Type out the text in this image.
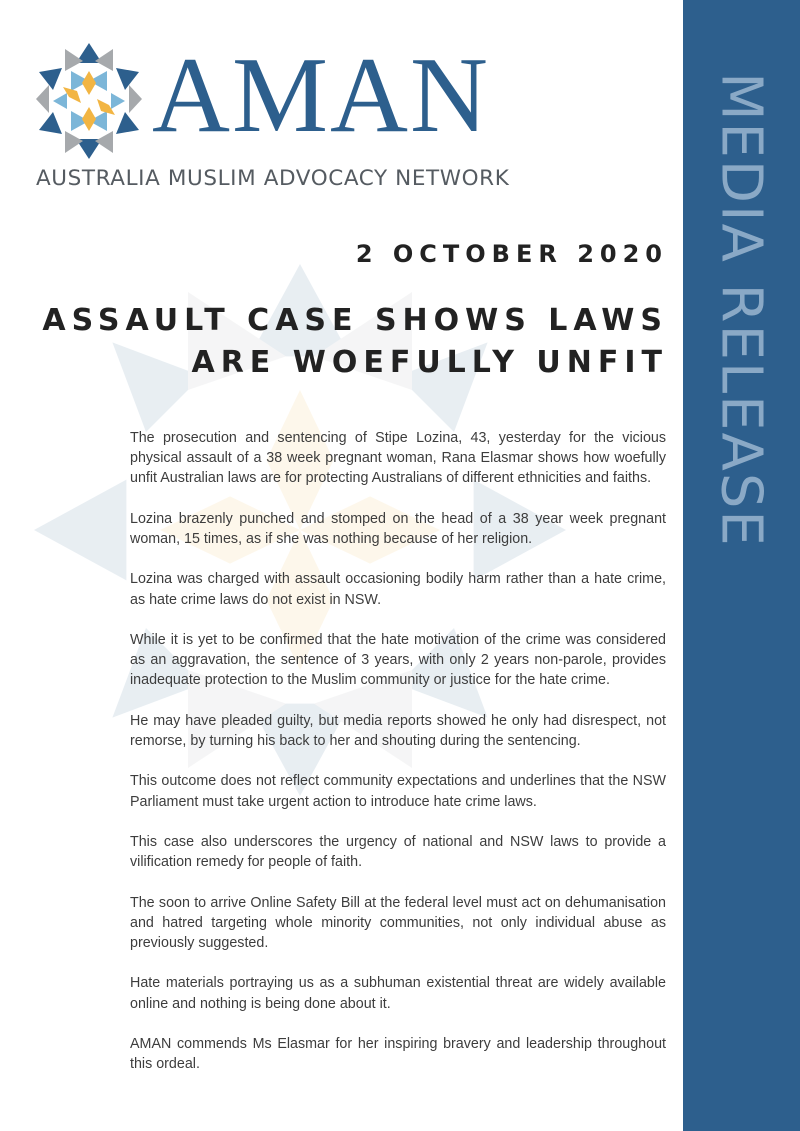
AMAN
AUSTRALIA MUSLIM ADVOCACY NETWORK	MEDIA RELEASE
2 OCTOBER 2020
ASSAULT CASE SHOWS LAWS
ARE WOEFULLY UNFIT

The prosecution and sentencing of Stipe Lozina, 43, yesterday for the vicious physical assault of a 38 week pregnant woman, Rana Elasmar shows how woefully unfit Australian laws are for protecting Australians of different ethnicities and faiths.

Lozina brazenly punched and stomped on the head of a 38 year week pregnant woman, 15 times, as if she was nothing because of her religion.

Lozina was charged with assault occasioning bodily harm rather than a hate crime, as hate crime laws do not exist in NSW.

While it is yet to be confirmed that the hate motivation of the crime was considered as an aggravation, the sentence of 3 years, with only 2 years non-parole, provides inadequate protection to the Muslim community or justice for the hate crime.

He may have pleaded guilty, but media reports showed he only had disrespect, not remorse, by turning his back to her and shouting during the sentencing.

This outcome does not reflect community expectations and underlines that the NSW Parliament must take urgent action to introduce hate crime laws.

This case also underscores the urgency of national and NSW laws to provide a vilification remedy for people of faith.

The soon to arrive Online Safety Bill at the federal level must act on dehumanisation and hatred targeting whole minority communities, not only individual abuse as previously suggested.

Hate materials portraying us as a subhuman existential threat are widely available online and nothing is being done about it.

AMAN commends Ms Elasmar for her inspiring bravery and leadership throughout this ordeal.
